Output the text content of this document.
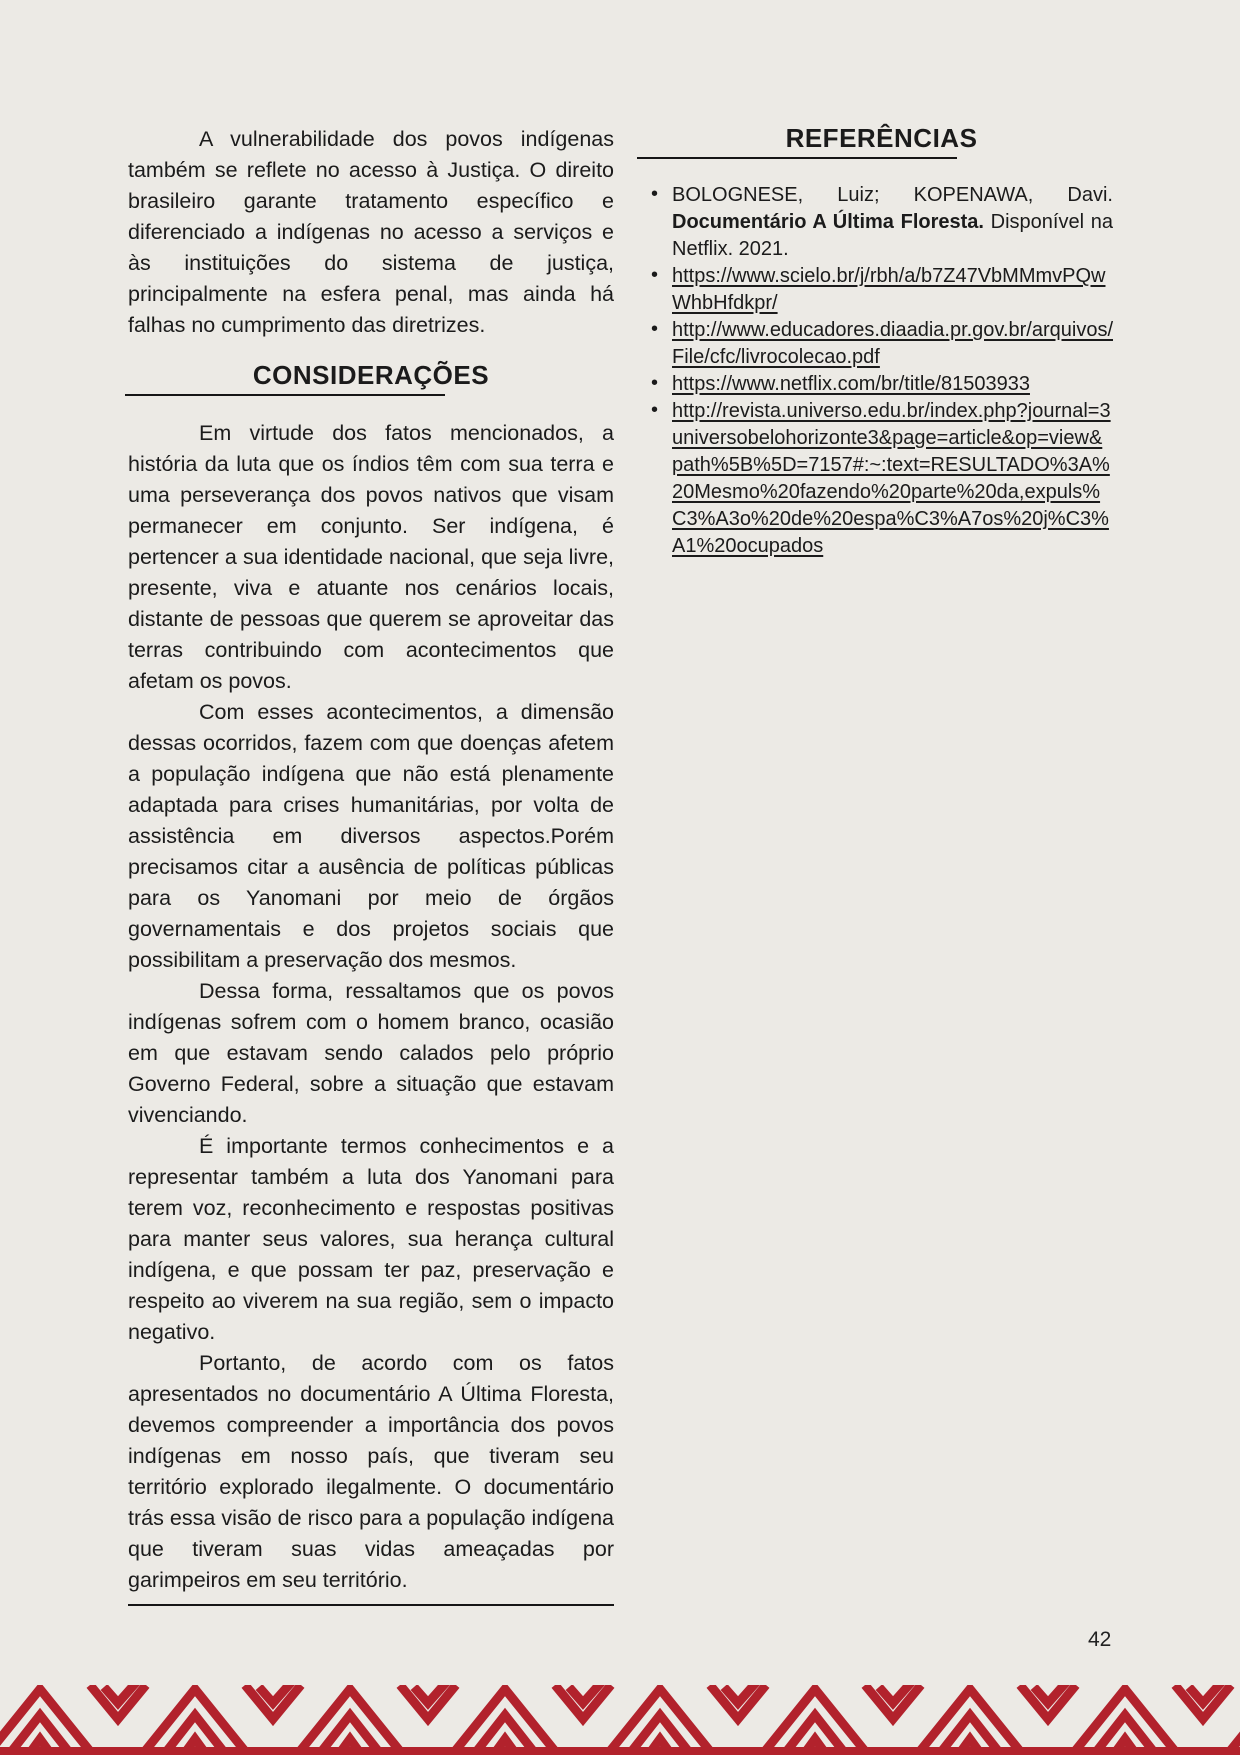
A vulnerabilidade dos povos indígenas também se reflete no acesso à Justiça. O direito brasileiro garante tratamento específico e diferenciado a indígenas no acesso a serviços e às instituições do sistema de justiça, principalmente na esfera penal, mas ainda há falhas no cumprimento das diretrizes.

CONSIDERAÇÕES

Em virtude dos fatos mencionados, a história da luta que os índios têm com sua terra e uma perseverança dos povos nativos que visam permanecer em conjunto. Ser indígena, é pertencer a sua identidade nacional, que seja livre, presente, viva e atuante nos cenários locais, distante de pessoas que querem se aproveitar das terras contribuindo com acontecimentos que afetam os povos.

Com esses acontecimentos, a dimensão dessas ocorridos, fazem com que doenças afetem a população indígena que não está plenamente adaptada para crises humanitárias, por volta de assistência em diversos aspectos.Porém precisamos citar a ausência de políticas públicas para os Yanomani por meio de órgãos governamentais e dos projetos sociais que possibilitam a preservação dos mesmos.

Dessa forma, ressaltamos que os povos indígenas sofrem com o homem branco, ocasião em que estavam sendo calados pelo próprio Governo Federal, sobre a situação que estavam vivenciando.

É importante termos conhecimentos e a representar também a luta dos Yanomani para terem voz, reconhecimento e respostas positivas para manter seus valores, sua herança cultural indígena, e que possam ter paz, preservação e respeito ao viverem na sua região, sem o impacto negativo.

Portanto, de acordo com os fatos apresentados no documentário A Última Floresta, devemos compreender a importância dos povos indígenas em nosso país, que tiveram seu território explorado ilegalmente. O documentário trás essa visão de risco para a população indígena que tiveram suas vidas ameaçadas por garimpeiros em seu território.

REFERÊNCIAS
• BOLOGNESE, Luiz; KOPENAWA, Davi. Documentário A Última Floresta. Disponível na Netflix. 2021.
• https://www.scielo.br/j/rbh/a/b7Z47VbMMmvPQwWhbHfdkpr/
• http://www.educadores.diaadia.pr.gov.br/arquivos/File/cfc/livrocolecao.pdf
• https://www.netflix.com/br/title/81503933
• http://revista.universo.edu.br/index.php?journal=3universobelohorizonte3&page=article&op=view&path%5B%5D=7157#:~:text=RESULTADO%3A%20Mesmo%20fazendo%20parte%20da,expuls%C3%A3o%20de%20espa%C3%A7os%20j%C3%A1%20ocupados
42
